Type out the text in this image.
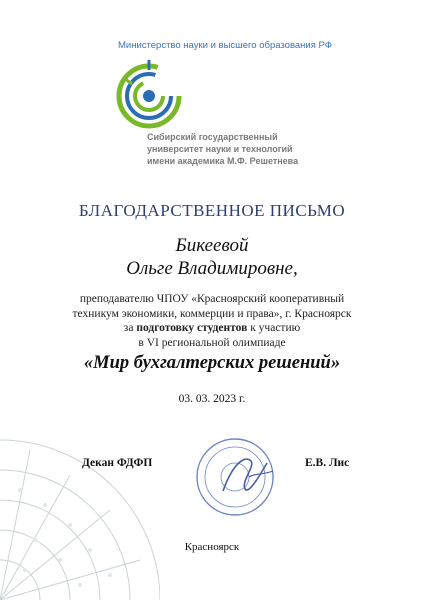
Министерство науки и высшего образования РФ
Сибирский государственный
университет науки и технологий
имени академика М.Ф. Решетнева
БЛАГОДАРСТВЕННОЕ ПИСЬМО
Бикеевой
Ольге Владимировне,
преподавателю ЧПОУ «Красноярский кооперативный
техникум экономики, коммерции и права», г. Красноярск
за подготовку студентов к участию
в VI региональной олимпиаде
«Мир бухгалтерских решений»
03. 03. 2023 г.
Декан ФДФП	Е.В. Лис
Красноярск
